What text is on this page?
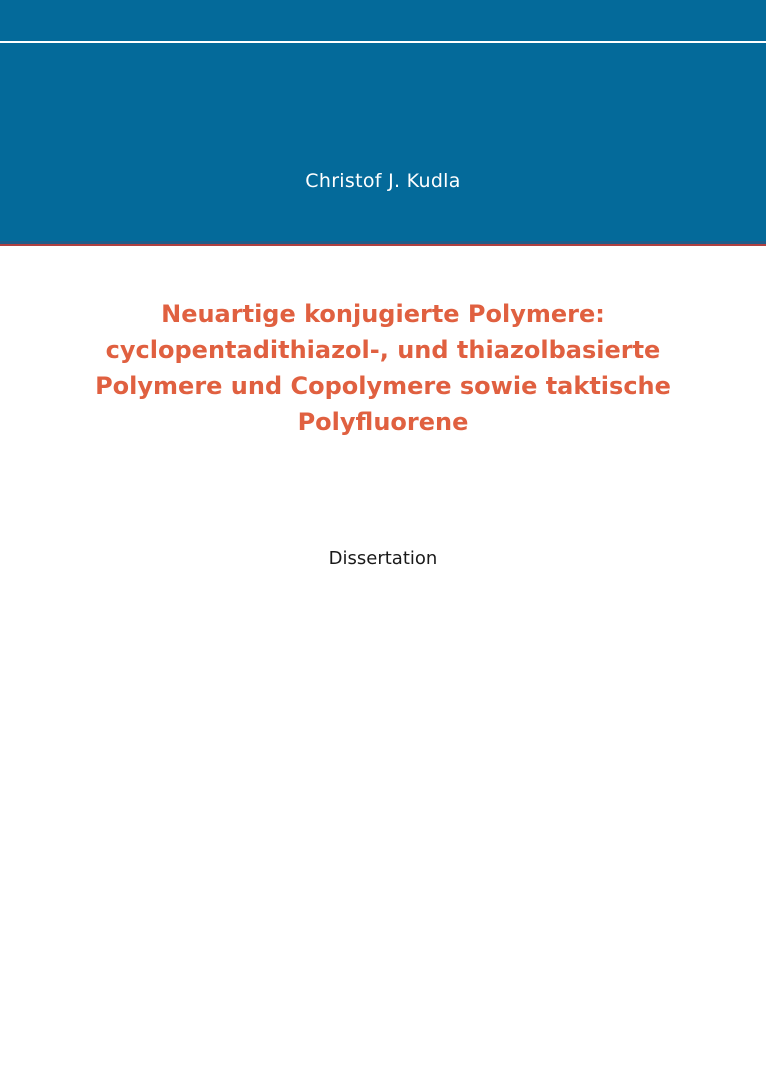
Christof J. Kudla
Neuartige konjugierte Polymere: cyclopentadithiazol-, und thiazolbasierte Polymere und Copolymere sowie taktische Polyfluorene
Dissertation
